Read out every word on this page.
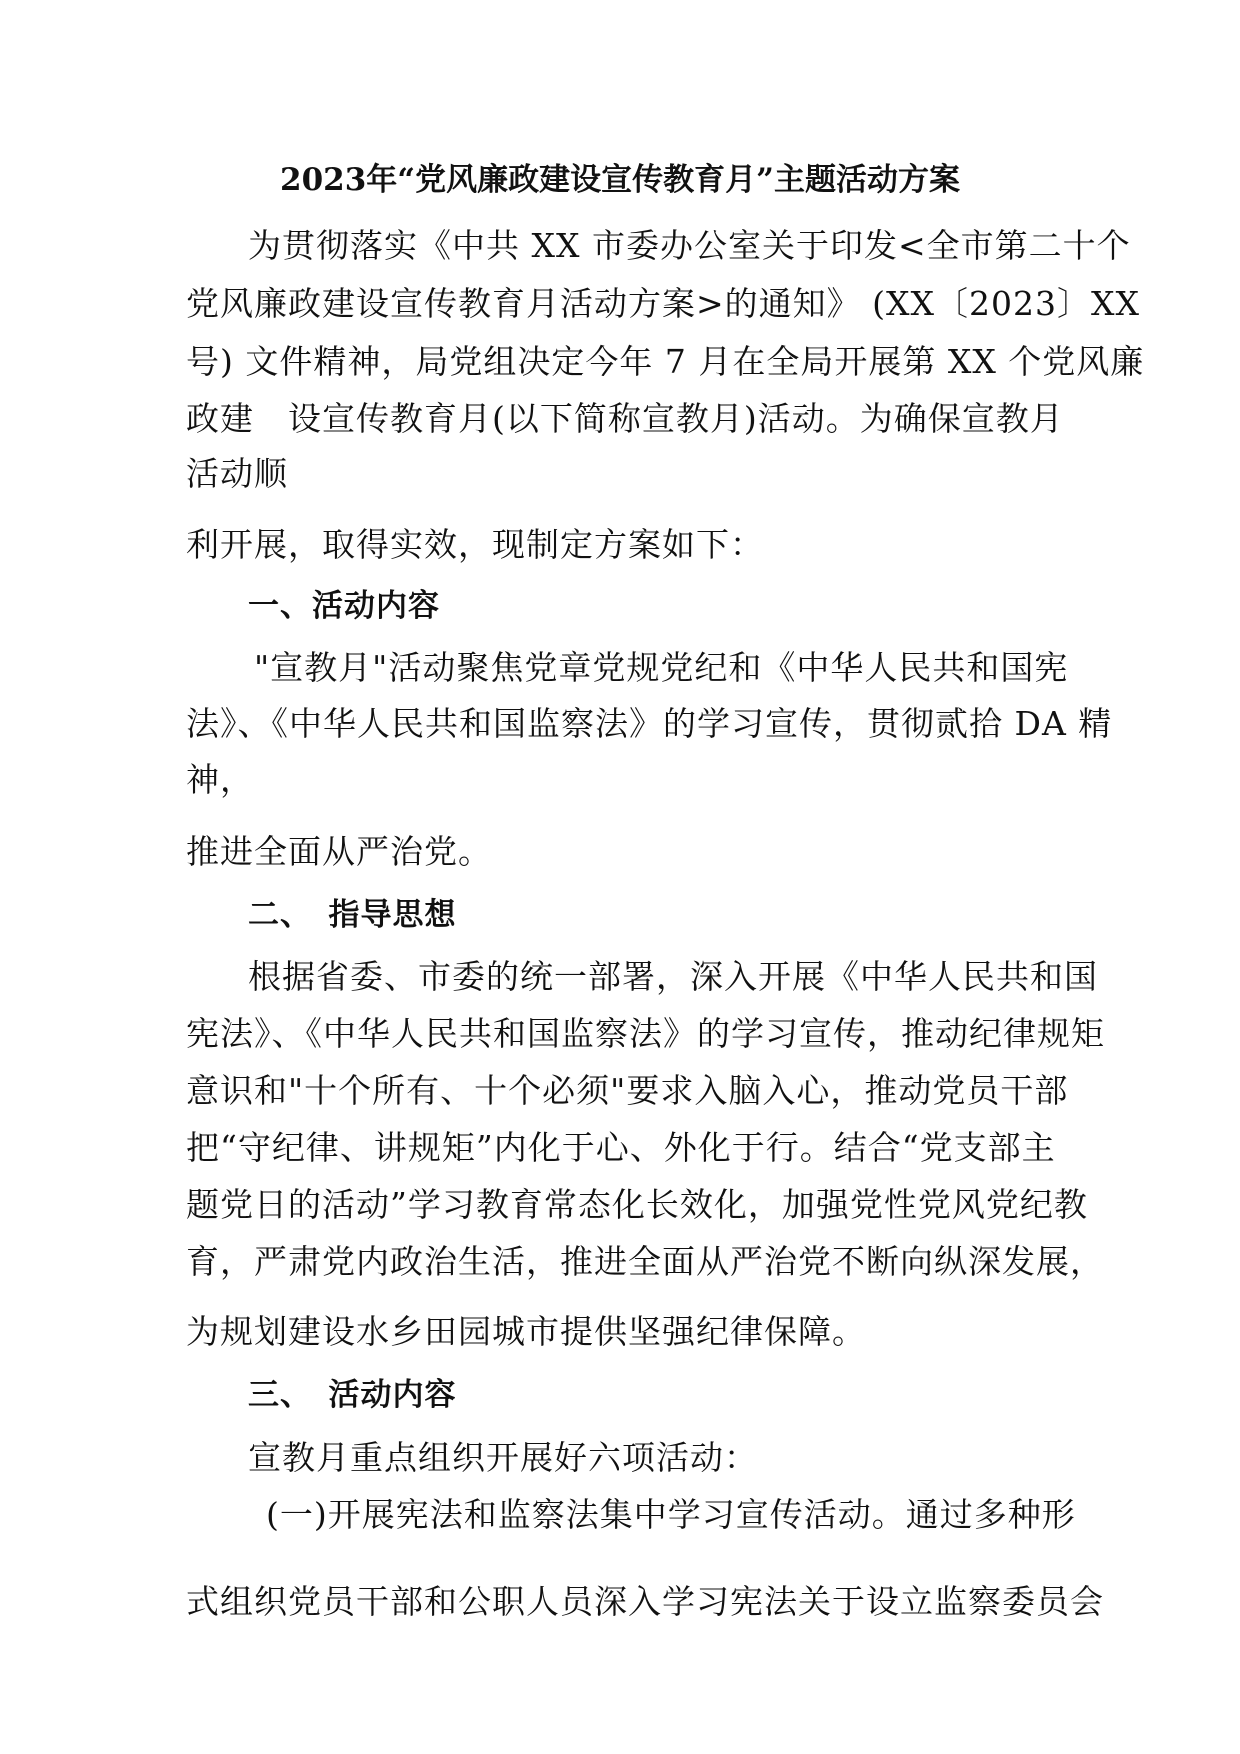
2023年“党风廉政建设宣传教育月”主题活动方案
为贯彻落实《中共 XX 市委办公室关于印发<全市第二十个
党风廉政建设宣传教育月活动方案>的通知》 (XX〔2023〕XX
号) 文件精神，局党组决定今年 7 月在全局开展第 XX 个党风廉
政建　设宣传教育月(以下简称宣教月)活动。为确保宣教月
活动顺
利开展，取得实效，现制定方案如下：
一、活动内容
"宣教月"活动聚焦党章党规党纪和《中华人民共和国宪
法》、《中华人民共和国监察法》的学习宣传，贯彻贰拾 DA 精
神，
推进全面从严治党。
二、　指导思想
根据省委、市委的统一部署，深入开展《中华人民共和国
宪法》、《中华人民共和国监察法》的学习宣传，推动纪律规矩
意识和"十个所有、十个必须"要求入脑入心，推动党员干部
把“守纪律、讲规矩”内化于心、外化于行。结合“党支部主
题党日的活动”学习教育常态化长效化，加强党性党风党纪教
育，严肃党内政治生活，推进全面从严治党不断向纵深发展，
为规划建设水乡田园城市提供坚强纪律保障。
三、　活动内容
宣教月重点组织开展好六项活动：
(一)开展宪法和监察法集中学习宣传活动。通过多种形
式组织党员干部和公职人员深入学习宪法关于设立监察委员会
